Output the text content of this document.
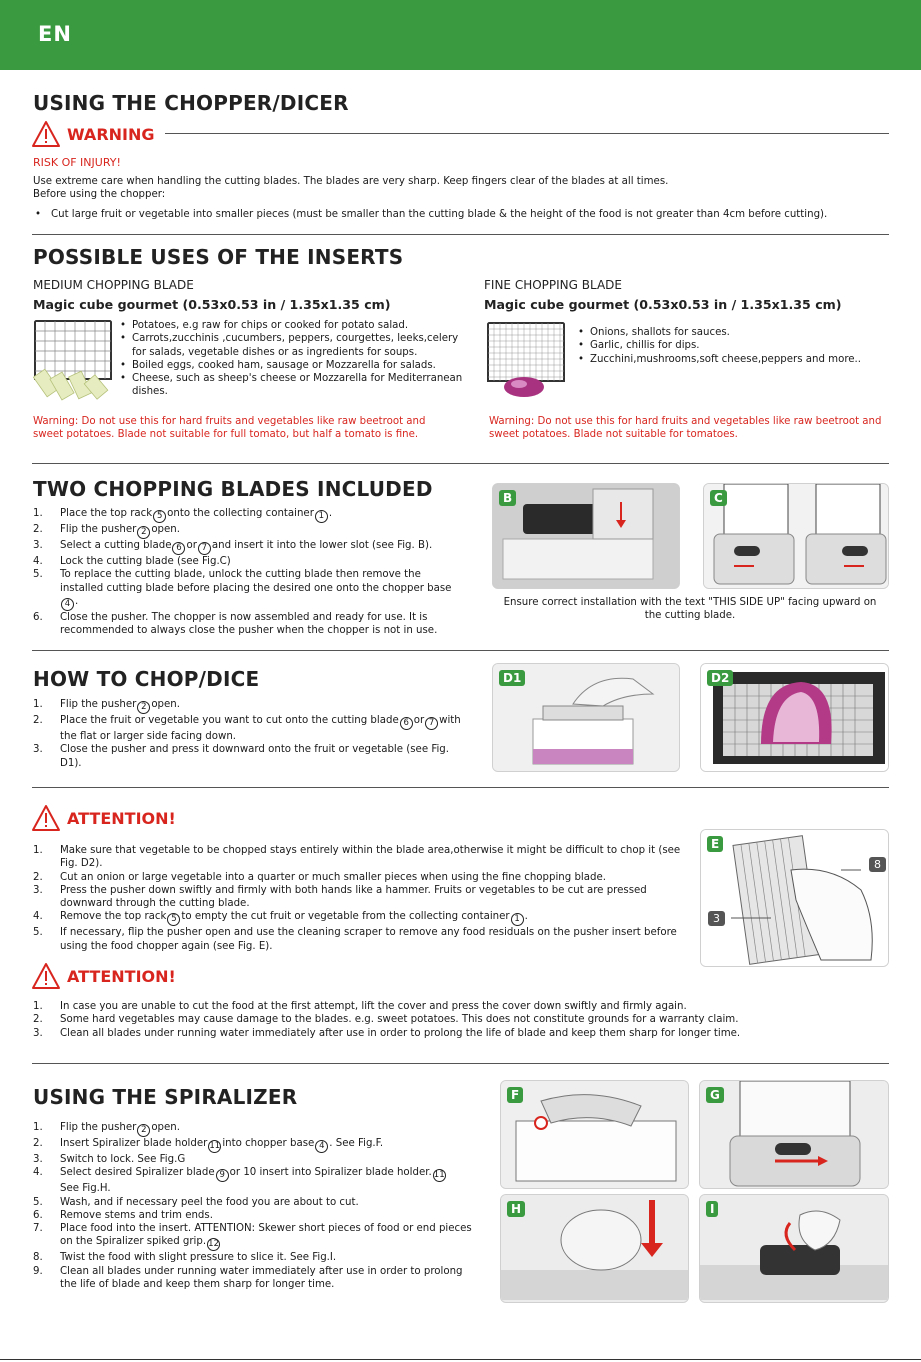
EN
USING THE CHOPPER/DICER
WARNING
RISK OF INJURY!
Use extreme care when handling the cutting blades. The blades are very sharp. Keep fingers clear of the blades at all times.
Before using the chopper:
• Cut large fruit or vegetable into smaller pieces (must be smaller than the cutting blade & the height of the food is not greater than 4cm before cutting).
POSSIBLE USES OF THE INSERTS
MEDIUM CHOPPING BLADE
Magic cube gourmet (0.53x0.53 in / 1.35x1.35 cm)
• Potatoes, e.g raw for chips or cooked for potato salad.
• Carrots,zucchinis ,cucumbers, peppers, courgettes, leeks,celery for salads, vegetable dishes or as ingredients for soups.
• Boiled eggs, cooked ham, sausage or Mozzarella for salads.
• Cheese, such as sheep's cheese or Mozzarella for Mediterranean dishes.
Warning: Do not use this for hard fruits and vegetables like raw beetroot and sweet potatoes. Blade not suitable for full tomato, but half a tomato is fine.
FINE CHOPPING BLADE
Magic cube gourmet (0.53x0.53 in / 1.35x1.35 cm)
• Onions, shallots for sauces.
• Garlic, chillis for dips.
• Zucchini,mushrooms,soft cheese,peppers and more..
Warning: Do not use this for hard fruits and vegetables like raw beetroot and sweet potatoes. Blade not suitable for tomatoes.
TWO CHOPPING BLADES INCLUDED
1. Place the top rack 5 onto the collecting container 1 .
2. Flip the pusher 2 open.
3. Select a cutting blade 6 or 7 and insert it into the lower slot (see Fig. B).
4. Lock the cutting blade (see Fig.C)
5. To replace the cutting blade, unlock the cutting blade then remove the installed cutting blade before placing the desired one onto the chopper base4 .
6. Close the pusher. The chopper is now assembled and ready for use. It is recommended to always close the pusher when the chopper is not in use.
B	C
Ensure correct installation with the text "THIS SIDE UP" facing upward on the cutting blade.
HOW TO CHOP/DICE
1. Flip the pusher 2 open.
2. Place the fruit or vegetable you want to cut onto the cutting blade 6 or 7 with the flat or larger side facing down.
3. Close the pusher and press it downward onto the fruit or vegetable (see Fig. D1).
D1	D2
ATTENTION!
1. Make sure that vegetable to be chopped stays entirely within the blade area,otherwise it might be difficult to chop it (see Fig. D2).
2. Cut an onion or large vegetable into a quarter or much smaller pieces when using the fine chopping blade.
3. Press the pusher down swiftly and firmly with both hands like a hammer. Fruits or vegetables to be cut are pressed downward through the cutting blade.
4. Remove the top rack 5 to empty the cut fruit or vegetable from the collecting container 1 .
5. If necessary, flip the pusher open and use the cleaning scraper to remove any food residuals on the pusher insert before using the food chopper again (see Fig. E).
E
8
3
ATTENTION!
1. In case you are unable to cut the food at the first attempt, lift the cover and press the cover down swiftly and firmly again.
2. Some hard vegetables may cause damage to the blades. e.g. sweet potatoes. This does not constitute grounds for a warranty claim.
3. Clean all blades under running water immediately after use in order to prolong the life of blade and keep them sharp for longer time.
USING THE SPIRALIZER
1. Flip the pusher 2 open.
2. Insert Spiralizer blade holder 11 into chopper base 4 . See Fig.F.
3. Switch to lock. See Fig.G
4. Select desired Spiralizer blade 9 or 10 insert into Spiralizer blade holder. 11
See Fig.H.
5. Wash, and if necessary peel the food you are about to cut.
6. Remove stems and trim ends.
7. Place food into the insert. ATTENTION: Skewer short pieces of food or end pieces on the Spiralizer spiked grip. 12
8. Twist the food with slight pressure to slice it. See Fig.I.
9. Clean all blades under running water immediately after use in order to prolong the life of blade and keep them sharp for longer time.
F	G
H	I
